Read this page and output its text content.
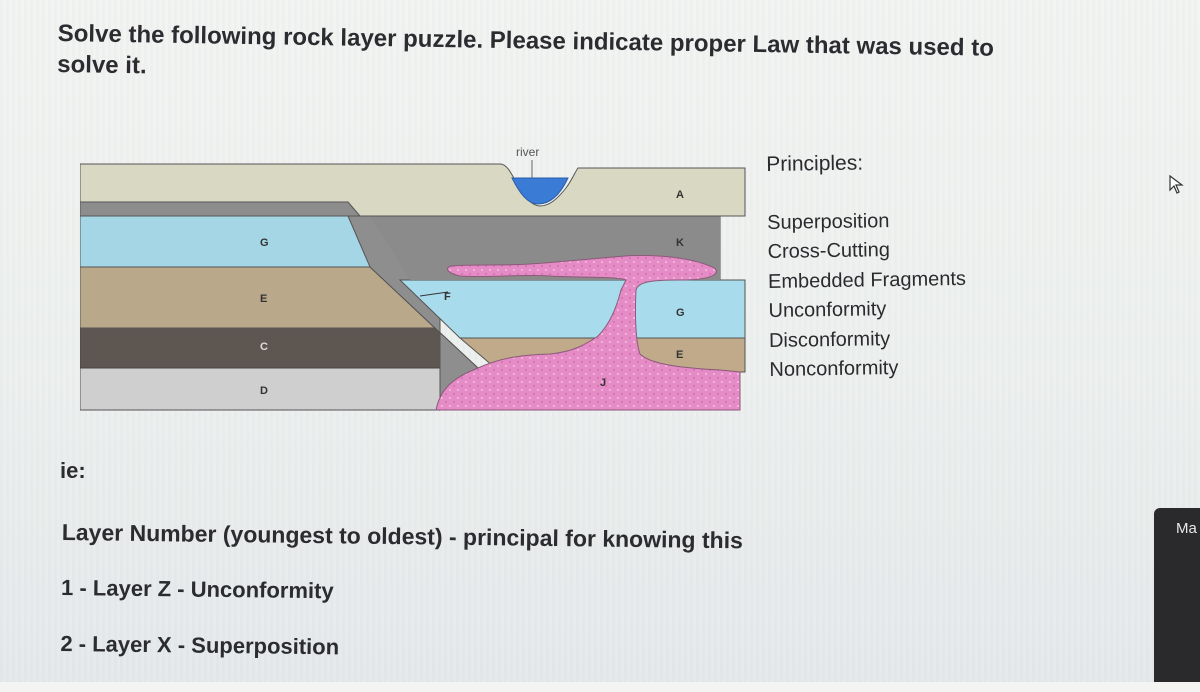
Solve the following rock layer puzzle. Please indicate proper Law that was used to solve it.
river
A
K
G
G
E
E
C
D
F
J
Principles:
Superposition
Cross-Cutting
Embedded Fragments
Unconformity
Disconformity
Nonconformity
ie:
Layer Number (youngest to oldest) - principal for knowing this
1 - Layer Z - Unconformity
2 - Layer X - Superposition
Ma
